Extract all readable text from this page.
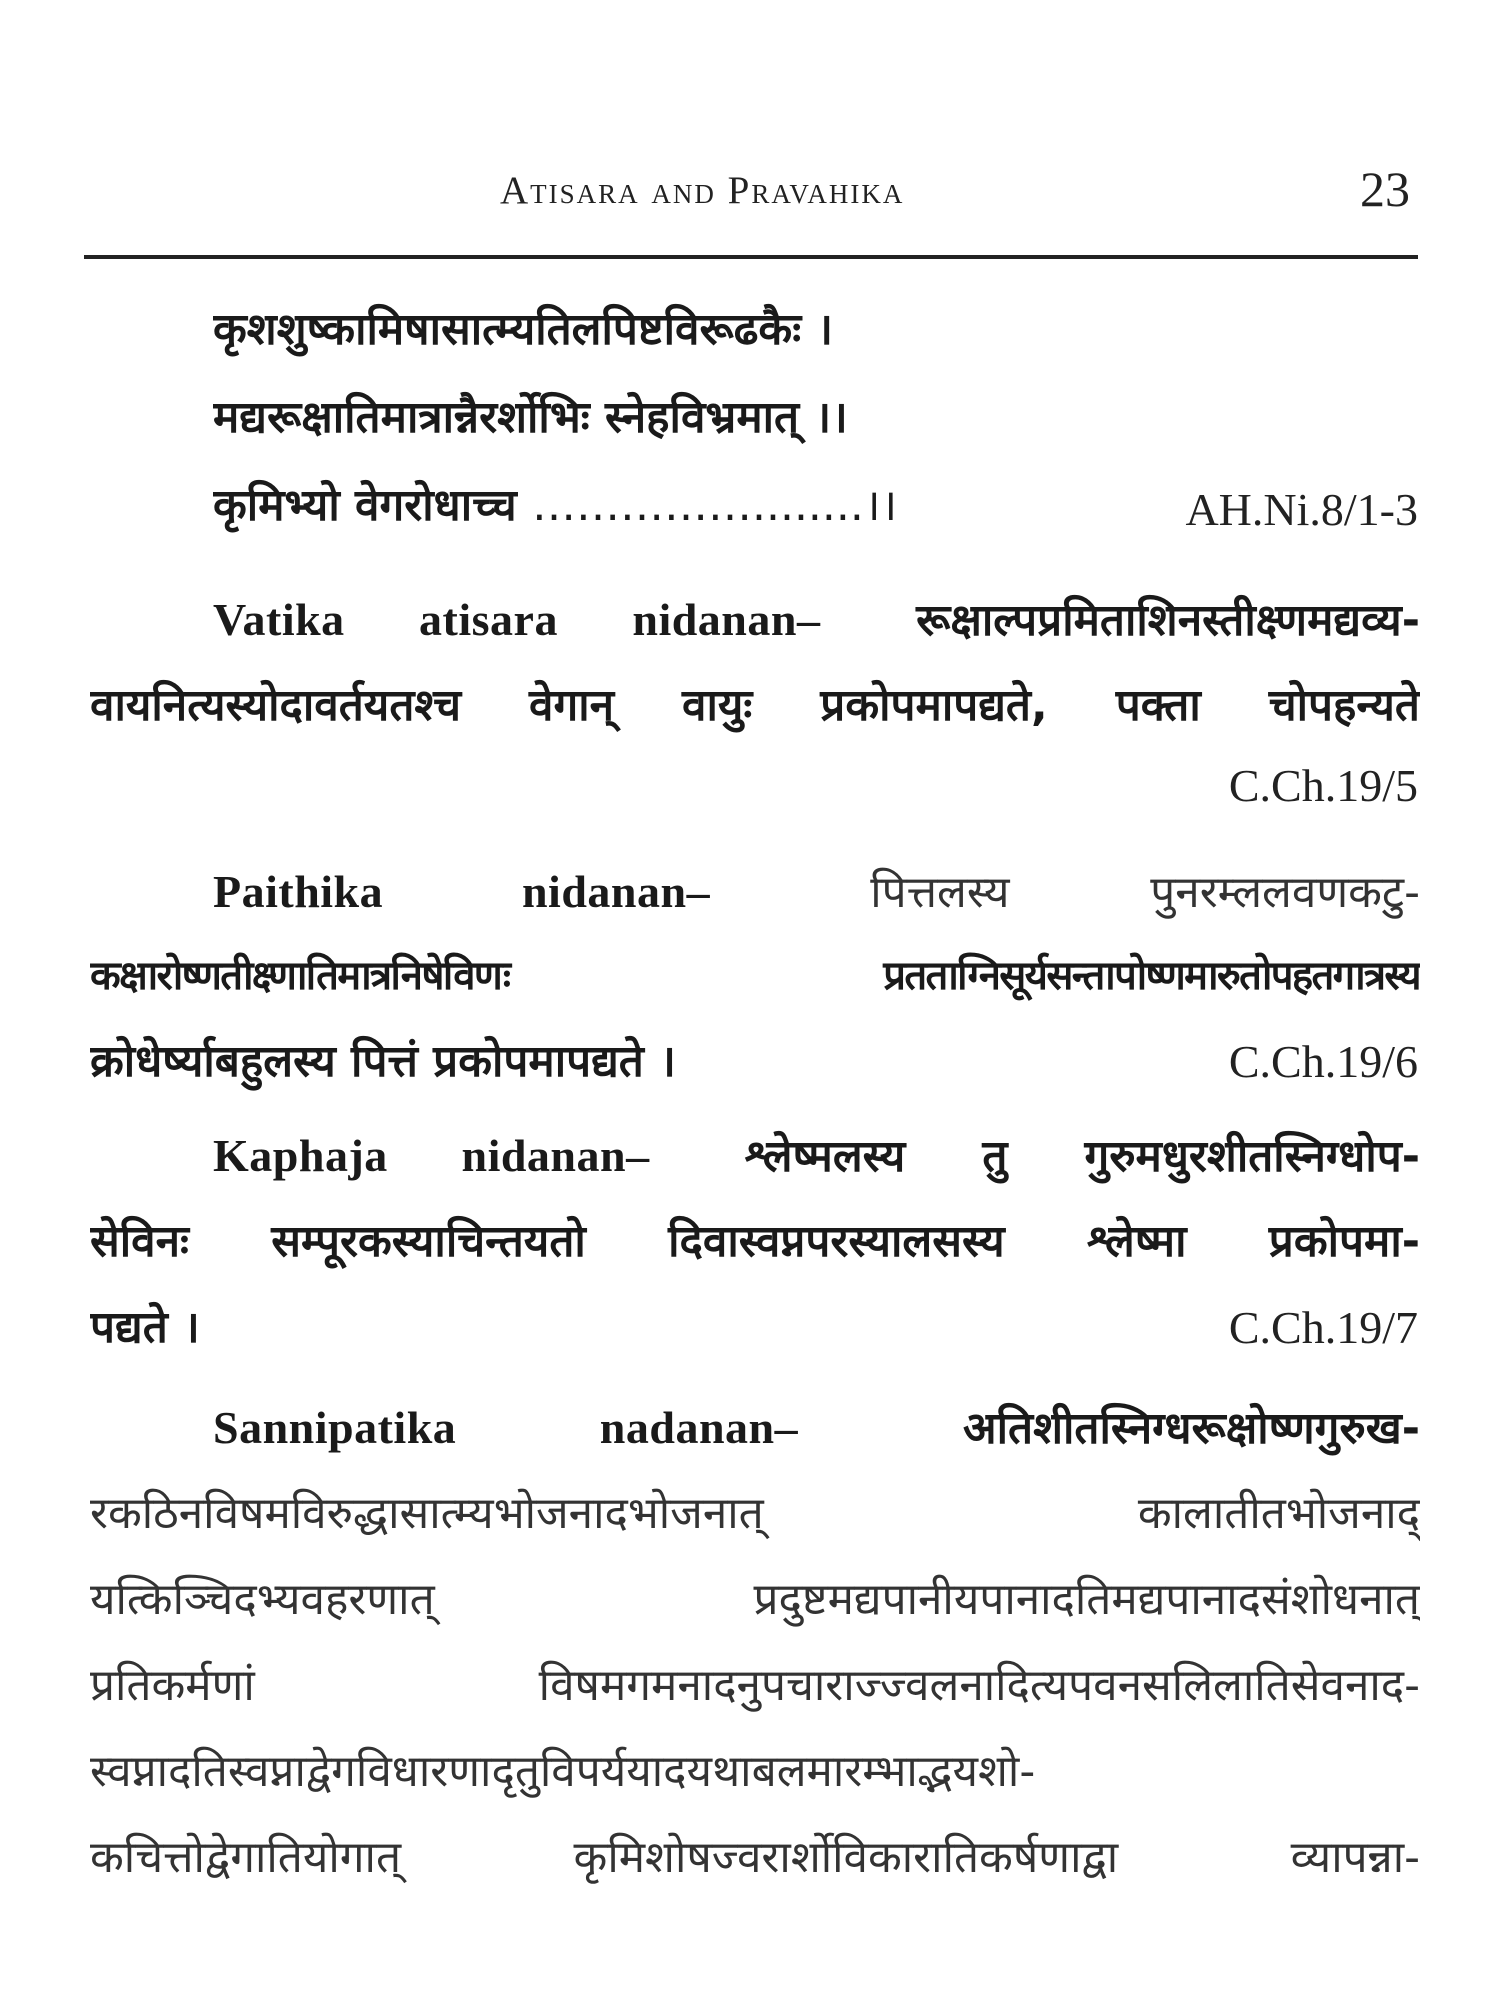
Atisara and Pravahika	23
कृशशुष्कामिषासात्म्यतिलपिष्टविरूढकैः ।
मद्यरूक्षातिमात्रान्नैरर्शोभिः स्नेहविभ्रमात् ।।
कृमिभ्यो वेगरोधाच्च ……………........।।	AH.Ni.8/1-3
Vatika atisara nidanan– रूक्षाल्पप्रमिताशिनस्तीक्ष्णमद्यव्य-
वायनित्यस्योदावर्तयतश्च वेगान् वायुः प्रकोपमापद्यते, पक्ता चोपहन्यते
C.Ch.19/5
Paithika nidanan–	पित्तलस्य पुनरम्ललवणकटु-
कक्षारोष्णतीक्ष्णातिमात्रनिषेविणः प्रतताग्निसूर्यसन्तापोष्णमारुतोपहतगात्रस्य
क्रोधेर्ष्याबहुलस्य पित्तं प्रकोपमापद्यते ।	C.Ch.19/6
Kaphaja nidanan– श्लेष्मलस्य तु गुरुमधुरशीतस्निग्धोप-
सेविनः सम्पूरकस्याचिन्तयतो दिवास्वप्नपरस्यालसस्य श्लेष्मा प्रकोपमा-
पद्यते ।	C.Ch.19/7
Sannipatika nadanan–	अतिशीतस्निग्धरूक्षोष्णगुरुख-
रकठिनविषमविरुद्धासात्म्यभोजनादभोजनात् कालातीतभोजनाद्
यत्किञ्चिदभ्यवहरणात् प्रदुष्टमद्यपानीयपानादतिमद्यपानादसंशोधनात्
प्रतिकर्मणां विषमगमनादनुपचाराज्ज्वलनादित्यपवनसलिलातिसेवनाद-
स्वप्नादतिस्वप्नाद्वेगविधारणादृतुविपर्ययादयथाबलमारम्भाद्भयशो-
कचित्तोद्वेगातियोगात् कृमिशोषज्वरार्शोविकारातिकर्षणाद्वा व्यापन्ना-
